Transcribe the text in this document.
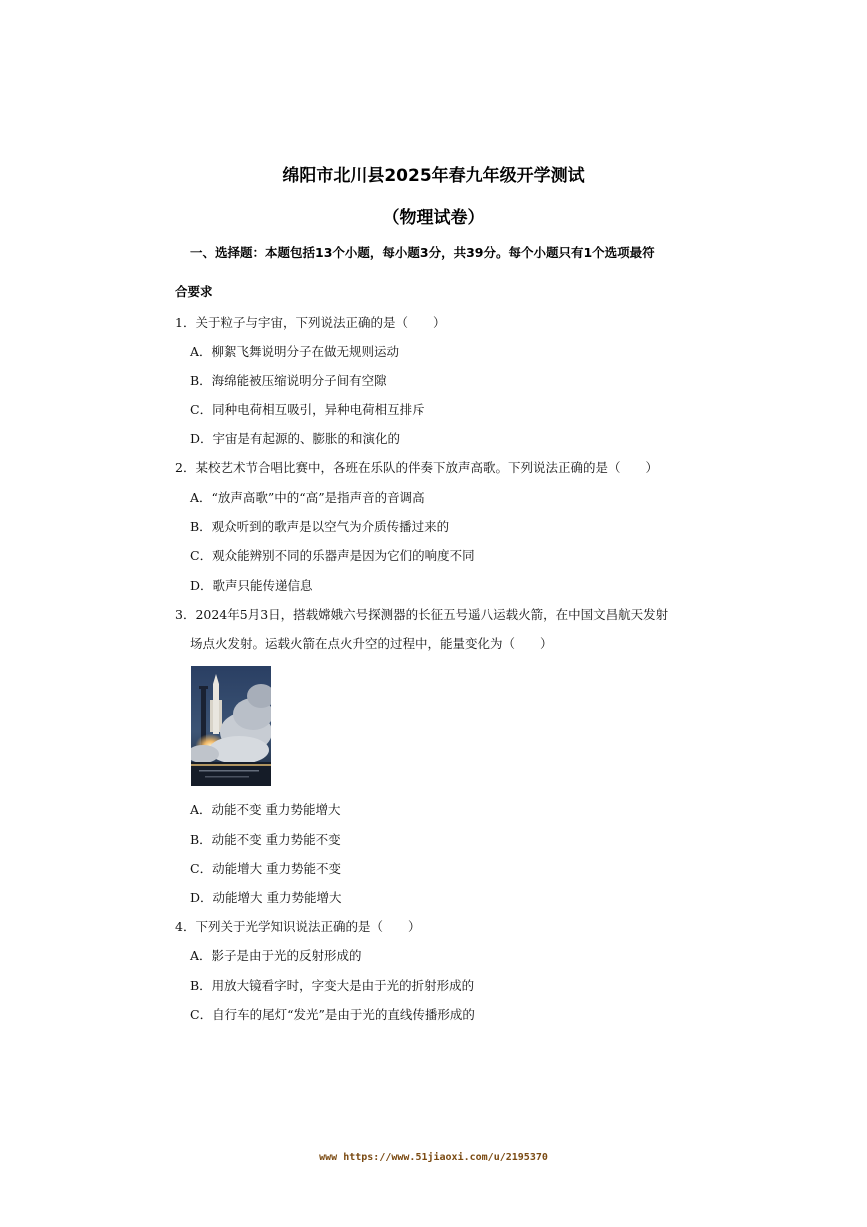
绵阳市北川县2025年春九年级开学测试
（物理试卷）
一、选择题：本题包括13个小题，每小题3分，共39分。每个小题只有1个选项最符
合要求
1．关于粒子与宇宙，下列说法正确的是（　　）
A．柳絮飞舞说明分子在做无规则运动
B．海绵能被压缩说明分子间有空隙
C．同种电荷相互吸引，异种电荷相互排斥
D．宇宙是有起源的、膨胀的和演化的
2．某校艺术节合唱比赛中，各班在乐队的伴奏下放声高歌。下列说法正确的是（　　）
A．“放声高歌”中的“高”是指声音的音调高
B．观众听到的歌声是以空气为介质传播过来的
C．观众能辨别不同的乐器声是因为它们的响度不同
D．歌声只能传递信息
3．2024年5月3日，搭载嫦娥六号探测器的长征五号遥八运载火箭，在中国文昌航天发射
场点火发射。运载火箭在点火升空的过程中，能量变化为（　　）
A．动能不变 重力势能增大
B．动能不变 重力势能不变
C．动能增大 重力势能不变
D．动能增大 重力势能增大
4．下列关于光学知识说法正确的是（　　）
A．影子是由于光的反射形成的
B．用放大镜看字时，字变大是由于光的折射形成的
C．自行车的尾灯“发光”是由于光的直线传播形成的
www https://www.51jiaoxi.com/u/2195370
